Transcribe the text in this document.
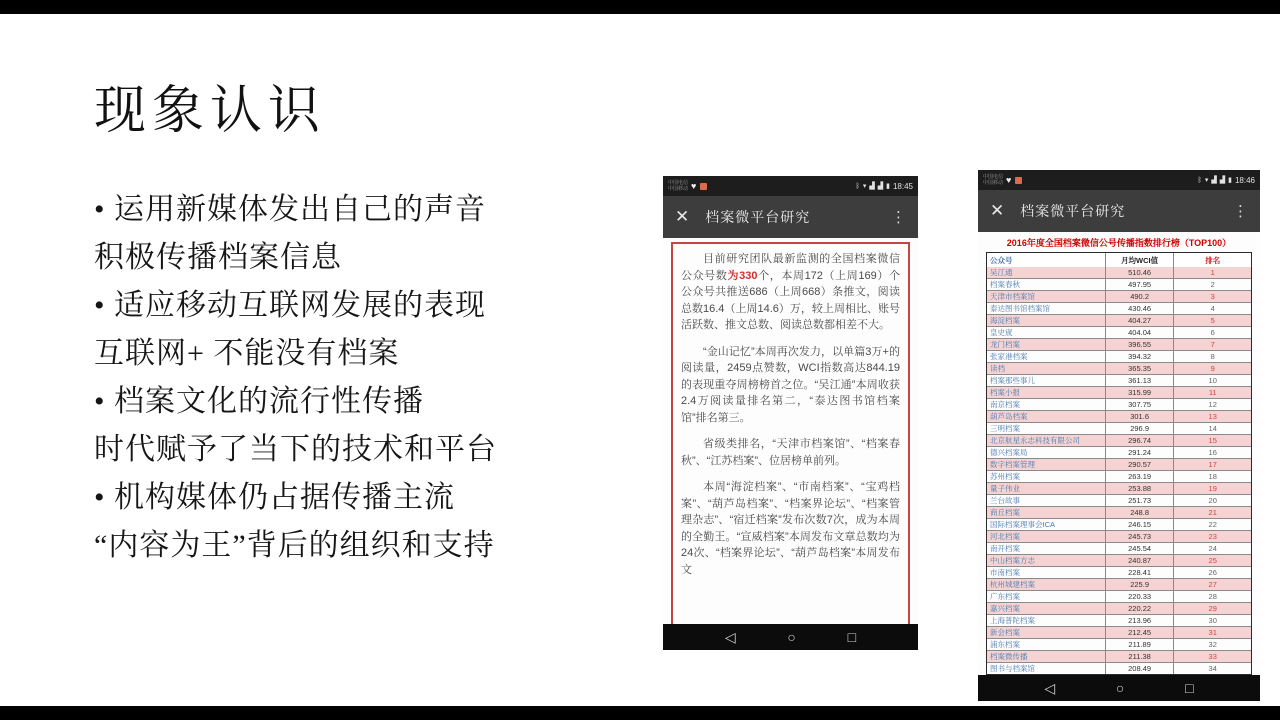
现象认识
• 运用新媒体发出自己的声音
积极传播档案信息
• 适应移动互联网发展的表现
互联网+ 不能没有档案
• 档案文化的流行性传播
时代赋予了当下的技术和平台
• 机构媒体仍占据传播主流
“内容为王”背后的组织和支持
中国电信
中国移动 ♥	ᛒ ▾ ▟ ▟ ▮ 18:45
✕ 档案微平台研究	⋮

目前研究团队最新监测的全国档案微信公众号数为330个，本周172（上周169）个公众号共推送686（上周668）条推文，阅读总数16.4（上周14.6）万，较上周相比、账号活跃数、推文总数、阅读总数都相差不大。

“金山记忆”本周再次发力，以单篇3万+的阅读量，2459点赞数，WCI指数高达844.19的表现重夺周榜榜首之位。“吴江通”本周收获2.4万阅读量排名第二，“泰达图书馆档案馆”排名第三。

省级类排名，“天津市档案馆”、“档案春秋”、“江苏档案”、位居榜单前列。

本周“海淀档案”、“市南档案”、“宝鸡档案”、“葫芦岛档案”、“档案界论坛”、“档案管理杂志”、“宿迁档案”发布次数7次，成为本周的全勤王。“宣威档案”本周发布文章总数均为24次、“档案界论坛”、“葫芦岛档案”本周发布文

◁	○	□
中国电信
中国移动 ♥	ᛒ ▾ ▟ ▟ ▮ 18:46
✕ 档案微平台研究	⋮
2016年度全国档案微信公号传播指数排行榜（TOP100）
公众号	月均WCI值	排名
吴江通	510.46	1
档案春秋	497.95	2
天津市档案馆	490.2	3
泰达图书馆档案馆	430.46	4
海淀档案	404.27	5
皇史宬	404.04	6
龙门档案	396.55	7
张家港档案	394.32	8
读档	365.35	9
档案那些事儿	361.13	10
档案小报	315.99	11
南京档案	307.75	12
葫芦岛档案	301.6	13
三明档案	296.9	14
北京航星永志科技有限公司	296.74	15
德兴档案局	291.24	16
数字档案管理	290.57	17
苏州档案	263.19	18
量子伟业	253.88	19
兰台故事	251.73	20
商丘档案	248.8	21
国际档案理事会ICA	246.15	22
河北档案	245.73	23
南开档案	245.54	24
中山档案方志	240.87	25
市南档案	228.41	26
杭州城建档案	225.9	27
广东档案	220.33	28
嘉兴档案	220.22	29
上海普陀档案	213.96	30
新会档案	212.45	31
浦东档案	211.89	32
档案微传播	211.38	33
图书与档案馆	208.49	34
◁	○	□
